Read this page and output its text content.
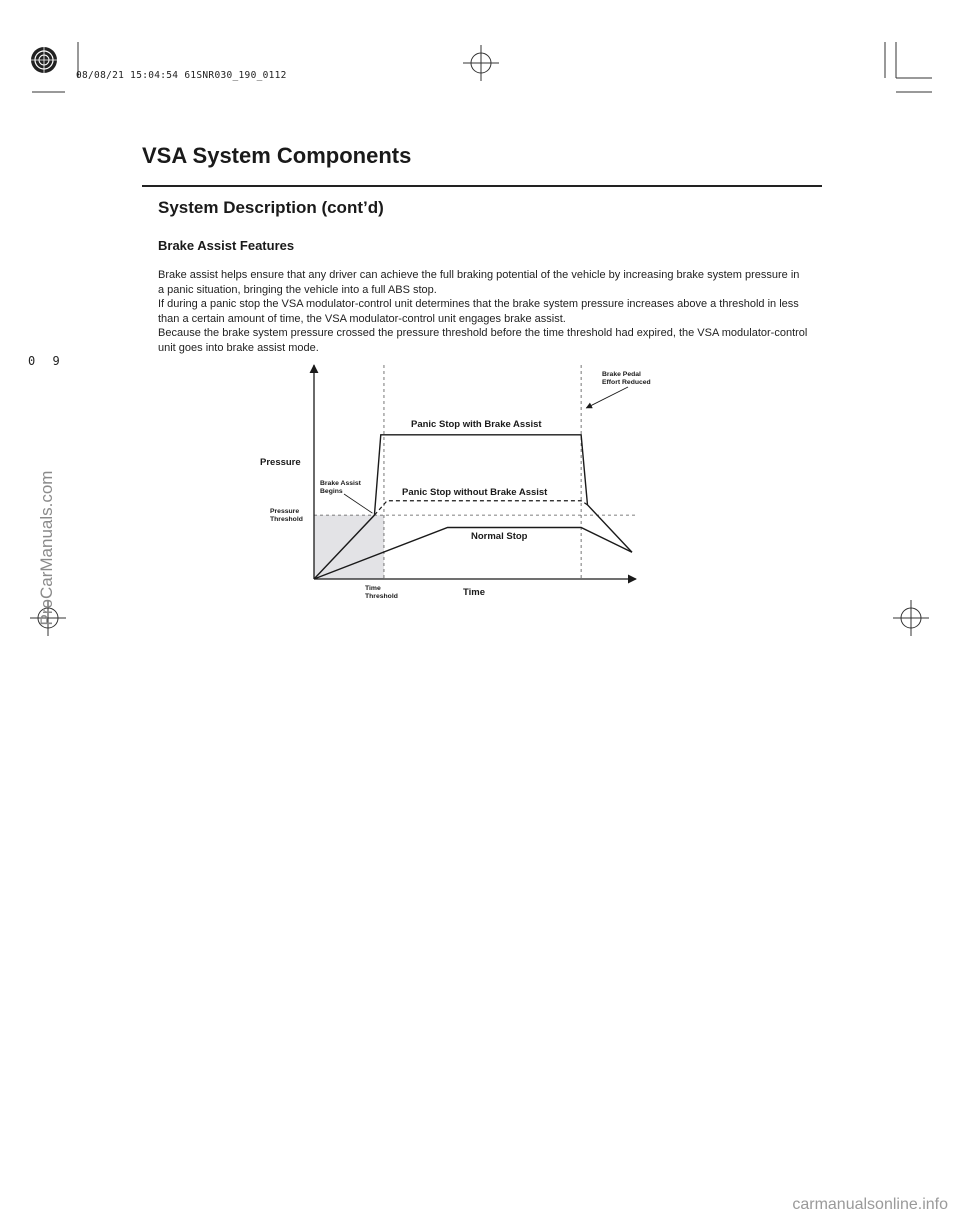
08/08/21 15:04:54 61SNR030_190_0112
VSA System Components
System Description (cont’d)
Brake Assist Features

Brake assist helps ensure that any driver can achieve the full braking potential of the vehicle by increasing brake system pressure in a panic situation, bringing the vehicle into a full ABS stop.

If during a panic stop the VSA modulator-control unit determines that the brake system pressure increases above a threshold in less than a certain amount of time, the VSA modulator-control unit engages brake assist.

Because the brake system pressure crossed the pressure threshold before the time threshold had expired, the VSA modulator-control unit goes into brake assist mode.

0 9
ProCarManuals.com
carmanualsonline.info
Pressure
Time
Panic Stop with Brake Assist
Panic Stop without Brake Assist
Normal Stop
Brake Assist Begins
Brake Pedal Effort Reduced
Pressure Threshold
Time Threshold
